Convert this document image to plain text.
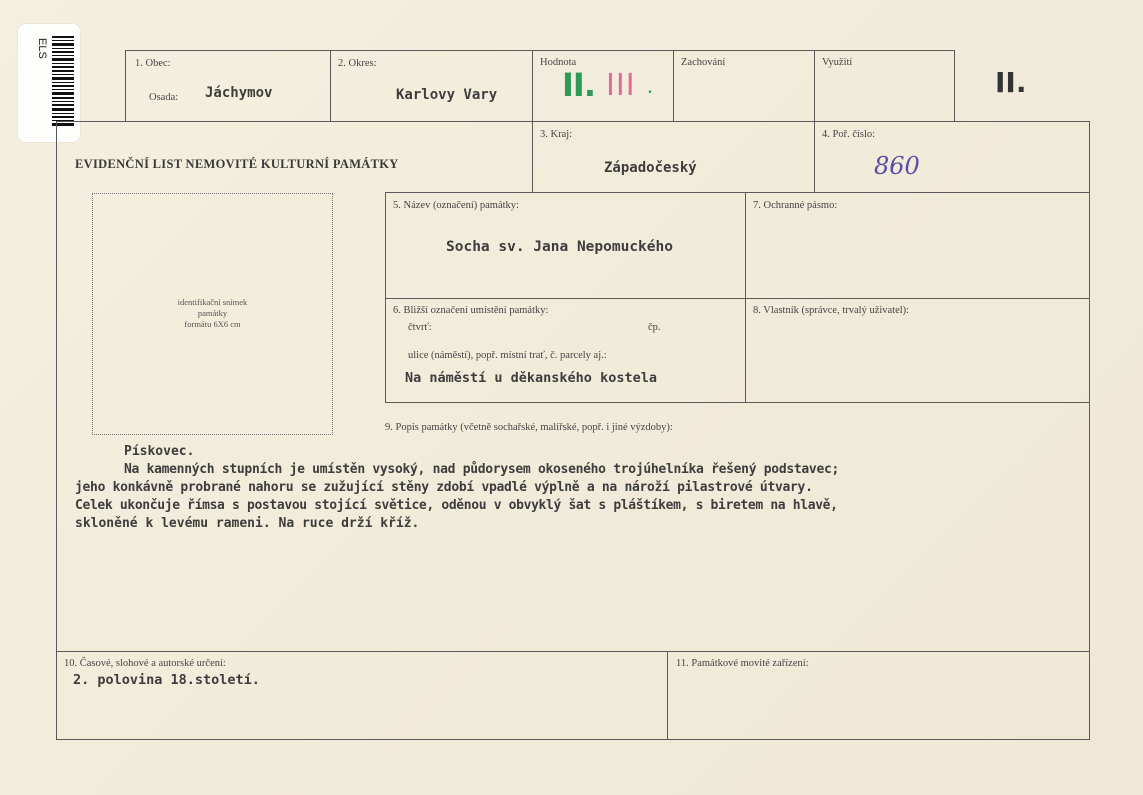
ELS
1. Obec:
Osada: Jáchymov
2. Okres:
Karlovy Vary
Hodnota
II. III .
Zachování	Využití
II.
EVIDENČNÍ LIST NEMOVITÉ KULTURNÍ PAMÁTKY
3. Kraj:
Západočeský
4. Poř. číslo:
860
identifikační snímek
památky
formátu 6X6 cm
5. Název (označení) památky:
Socha sv. Jana Nepomuckého
7. Ochranné pásmo:
6. Bližší označení umístění památky:
čtvrť:	čp.
ulice (náměstí), popř. místní trať, č. parcely aj.:
Na náměstí u děkanského kostela
8. Vlastník (správce, trvalý uživatel):
9. Popis památky (včetně sochařské, malířské, popř. i jiné výzdoby):
Pískovec.
Na kamenných stupních je umístěn vysoký, nad půdorysem okoseného trojúhelníka řešený podstavec;
jeho konkávně probrané nahoru se zužující stěny zdobí vpadlé výplně a na nároží pilastrové útvary.
Celek ukončuje římsa s postavou stojící světice, oděnou v obvyklý šat s pláštíkem, s biretem na hlavě,
skloněné k levému rameni. Na ruce drží kříž.
10. Časové, slohové a autorské určení:
2. polovina 18.století.
11. Památkové movité zařízení:
